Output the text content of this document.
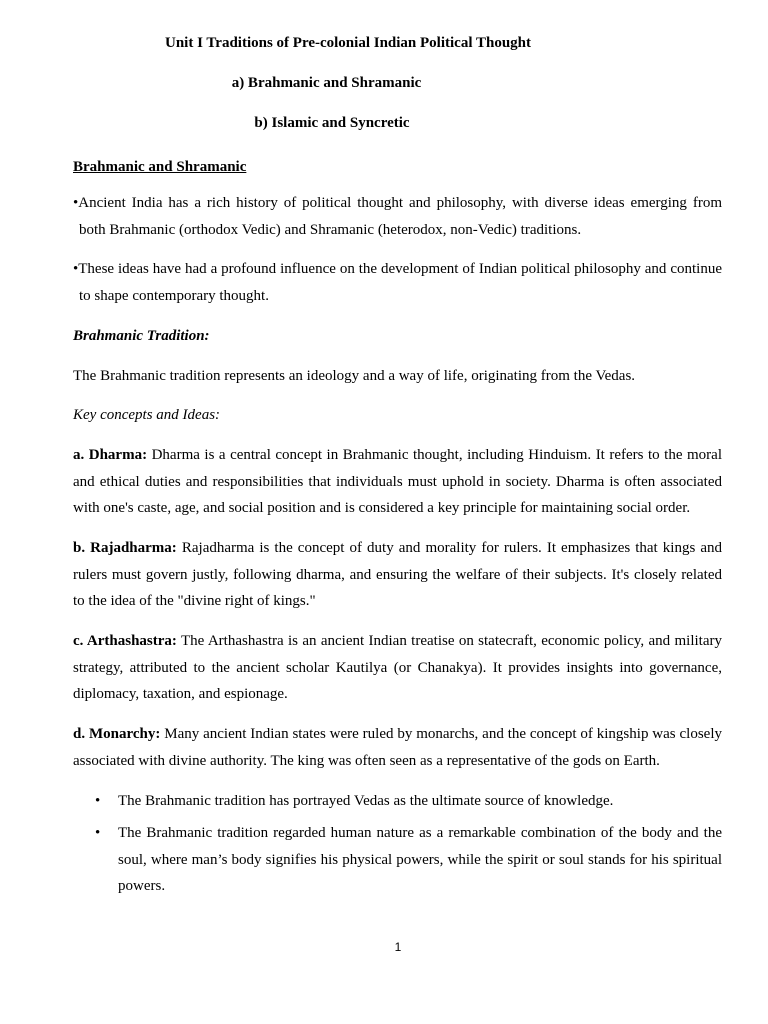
Unit I Traditions of Pre-colonial Indian Political Thought

a) Brahmanic and Shramanic

b) Islamic and Syncretic

Brahmanic and Shramanic

•Ancient India has a rich history of political thought and philosophy, with diverse ideas emerging from
both Brahmanic (orthodox Vedic) and Shramanic (heterodox, non-Vedic) traditions.
•These ideas have had a profound influence on the development of Indian political philosophy and continue
to shape contemporary thought.

Brahmanic Tradition:

The Brahmanic tradition represents an ideology and a way of life, originating from the Vedas.

Key concepts and Ideas:

a. Dharma: Dharma is a central concept in Brahmanic thought, including Hinduism. It refers to the moral and ethical duties and responsibilities that individuals must uphold in society. Dharma is often associated with one's caste, age, and social position and is considered a key principle for maintaining social order.

b. Rajadharma: Rajadharma is the concept of duty and morality for rulers. It emphasizes that kings and rulers must govern justly, following dharma, and ensuring the welfare of their subjects. It's closely related to the idea of the "divine right of kings."

c. Arthashastra: The Arthashastra is an ancient Indian treatise on statecraft, economic policy, and military strategy, attributed to the ancient scholar Kautilya (or Chanakya). It provides insights into governance, diplomacy, taxation, and espionage.

d. Monarchy: Many ancient Indian states were ruled by monarchs, and the concept of kingship was closely associated with divine authority. The king was often seen as a representative of the gods on Earth.

• The Brahmanic tradition has portrayed Vedas as the ultimate source of knowledge.

• The Brahmanic tradition regarded human nature as a remarkable combination of the body and the soul, where man’s body signifies his physical powers, while the spirit or soul stands for his spiritual powers.

1
